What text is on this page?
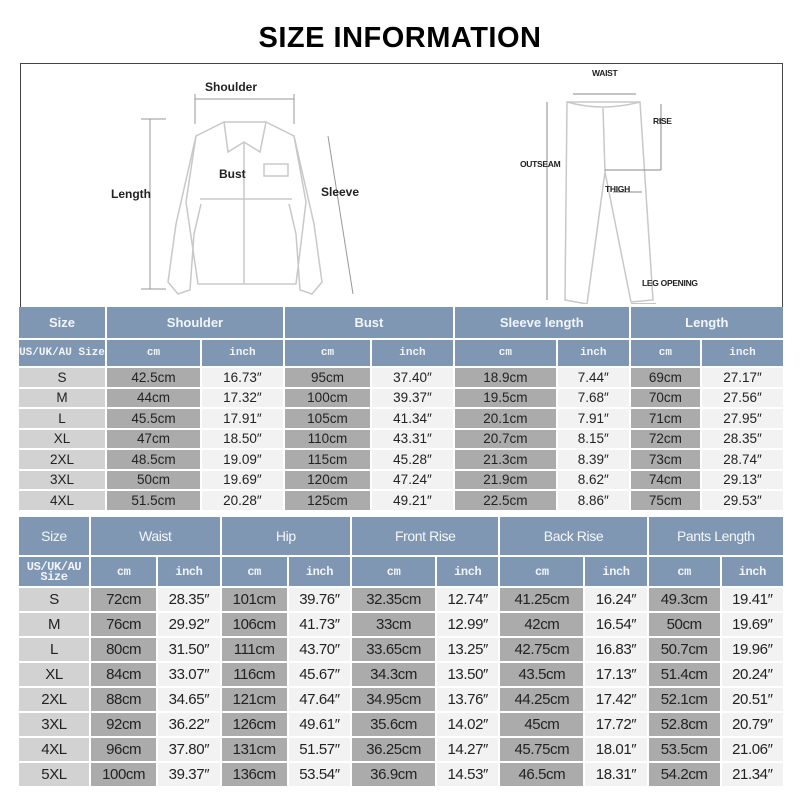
SIZE INFORMATION
Shoulder
Bust
Length	Sleeve
WAIST
RISE
OUTSEAM
THIGH
LEG OPENING
Size	Shoulder		Bust		Sleeve length		Length	
US/UK/AU Size	cm	inch	cm	inch	cm	inch	cm	inch
S	42.5cm	16.73″	95cm	37.40″	18.9cm	7.44″	69cm	27.17″
M	44cm	17.32″	100cm	39.37″	19.5cm	7.68″	70cm	27.56″
L	45.5cm	17.91″	105cm	41.34″	20.1cm	7.91″	71cm	27.95″
XL	47cm	18.50″	110cm	43.31″	20.7cm	8.15″	72cm	28.35″
2XL	48.5cm	19.09″	115cm	45.28″	21.3cm	8.39″	73cm	28.74″
3XL	50cm	19.69″	120cm	47.24″	21.9cm	8.62″	74cm	29.13″
4XL	51.5cm	20.28″	125cm	49.21″	22.5cm	8.86″	75cm	29.53″
Size	Waist		Hip		Front Rise		Back Rise		Pants Length	
US/UK/AU Size	cm	inch	cm	inch	cm	inch	cm	inch	cm	inch
S	72cm	28.35″	101cm	39.76″	32.35cm	12.74″	41.25cm	16.24″	49.3cm	19.41″
M	76cm	29.92″	106cm	41.73″	33cm	12.99″	42cm	16.54″	50cm	19.69″
L	80cm	31.50″	111cm	43.70″	33.65cm	13.25″	42.75cm	16.83″	50.7cm	19.96″
XL	84cm	33.07″	116cm	45.67″	34.3cm	13.50″	43.5cm	17.13″	51.4cm	20.24″
2XL	88cm	34.65″	121cm	47.64″	34.95cm	13.76″	44.25cm	17.42″	52.1cm	20.51″
3XL	92cm	36.22″	126cm	49.61″	35.6cm	14.02″	45cm	17.72″	52.8cm	20.79″
4XL	96cm	37.80″	131cm	51.57″	36.25cm	14.27″	45.75cm	18.01″	53.5cm	21.06″
5XL	100cm	39.37″	136cm	53.54″	36.9cm	14.53″	46.5cm	18.31″	54.2cm	21.34″
